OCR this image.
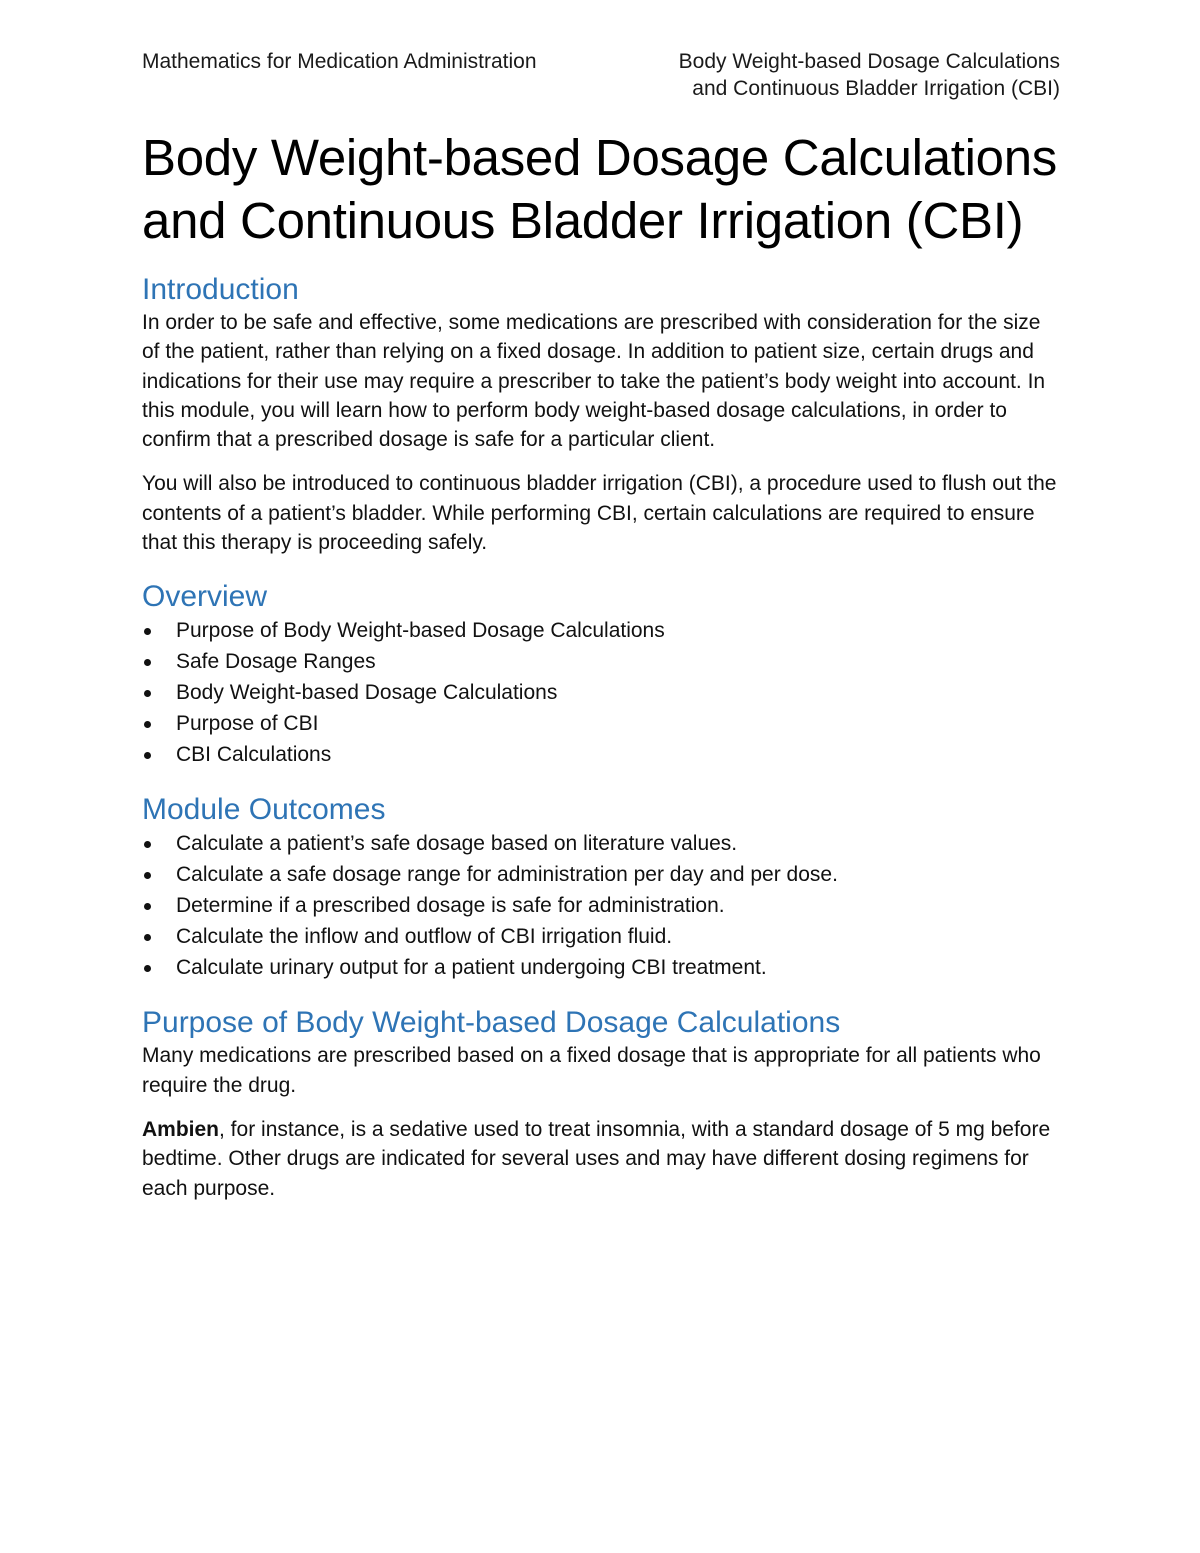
Mathematics for Medication Administration	Body Weight-based Dosage Calculations
and Continuous Bladder Irrigation (CBI)
Body Weight-based Dosage Calculations and Continuous Bladder Irrigation (CBI)
Introduction

In order to be safe and effective, some medications are prescribed with consideration for the size of the patient, rather than relying on a fixed dosage. In addition to patient size, certain drugs and indications for their use may require a prescriber to take the patient’s body weight into account. In this module, you will learn how to perform body weight-based dosage calculations, in order to confirm that a prescribed dosage is safe for a particular client.

You will also be introduced to continuous bladder irrigation (CBI), a procedure used to flush out the contents of a patient’s bladder. While performing CBI, certain calculations are required to ensure that this therapy is proceeding safely.

Overview
Purpose of Body Weight-based Dosage Calculations
Safe Dosage Ranges
Body Weight-based Dosage Calculations
Purpose of CBI
CBI Calculations
Module Outcomes
Calculate a patient’s safe dosage based on literature values.
Calculate a safe dosage range for administration per day and per dose.
Determine if a prescribed dosage is safe for administration.
Calculate the inflow and outflow of CBI irrigation fluid.
Calculate urinary output for a patient undergoing CBI treatment.
Purpose of Body Weight-based Dosage Calculations

Many medications are prescribed based on a fixed dosage that is appropriate for all patients who require the drug.

Ambien, for instance, is a sedative used to treat insomnia, with a standard dosage of 5 mg before bedtime. Other drugs are indicated for several uses and may have different dosing regimens for each purpose.
